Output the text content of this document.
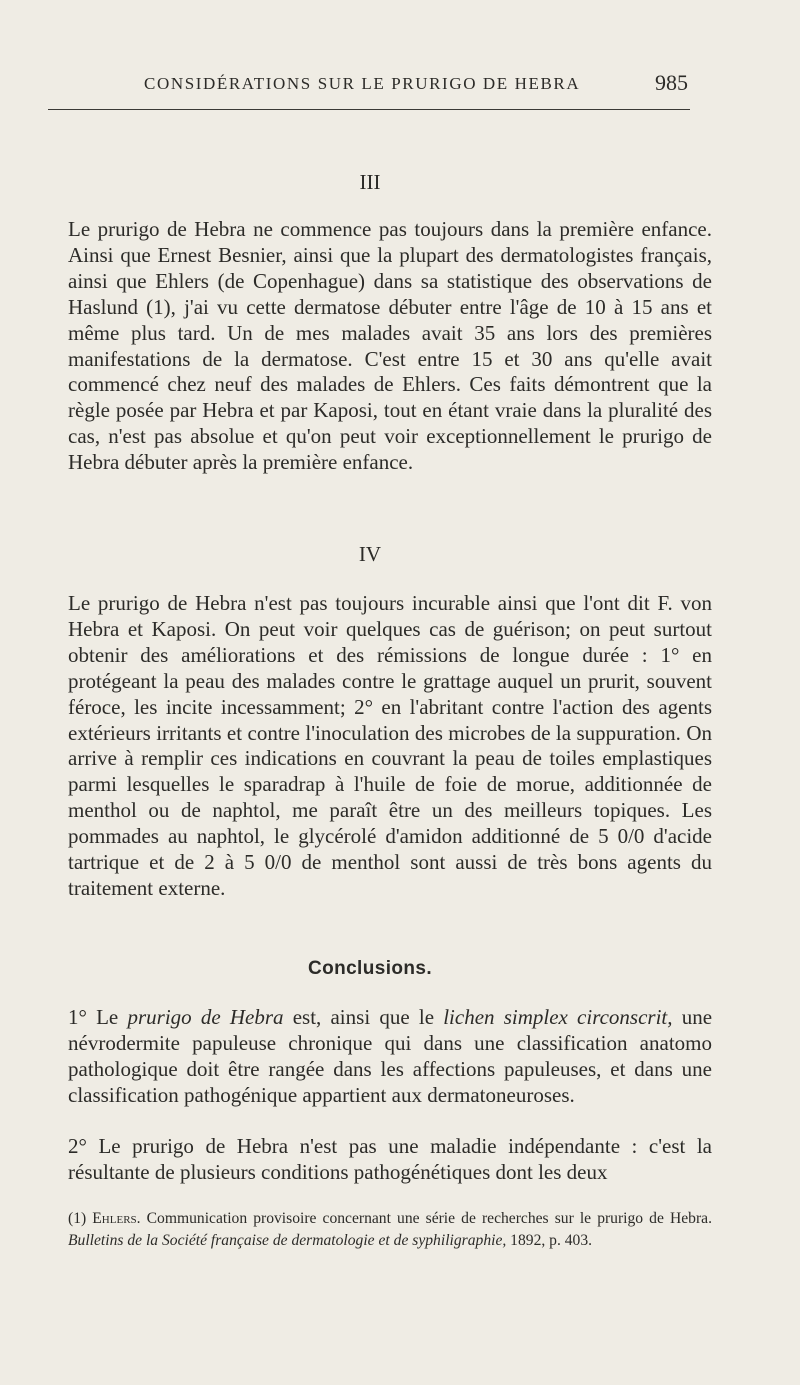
CONSIDÉRATIONS SUR LE PRURIGO DE HEBRA	985
III

Le prurigo de Hebra ne commence pas toujours dans la première enfance. Ainsi que Ernest Besnier, ainsi que la plupart des dermatologistes français, ainsi que Ehlers (de Copenhague) dans sa statistique des observations de Haslund (1), j'ai vu cette dermatose débuter entre l'âge de 10 à 15 ans et même plus tard. Un de mes malades avait 35 ans lors des premières manifestations de la dermatose. C'est entre 15 et 30 ans qu'elle avait commencé chez neuf des malades de Ehlers. Ces faits démontrent que la règle posée par Hebra et par Kaposi, tout en étant vraie dans la pluralité des cas, n'est pas absolue et qu'on peut voir exceptionnellement le prurigo de Hebra débuter après la première enfance.

IV

Le prurigo de Hebra n'est pas toujours incurable ainsi que l'ont dit F. von Hebra et Kaposi. On peut voir quelques cas de guérison; on peut surtout obtenir des améliorations et des rémissions de longue durée : 1° en protégeant la peau des malades contre le grattage auquel un prurit, souvent féroce, les incite incessamment; 2° en l'abritant contre l'action des agents extérieurs irritants et contre l'inoculation des microbes de la suppuration. On arrive à remplir ces indications en couvrant la peau de toiles emplastiques parmi lesquelles le sparadrap à l'huile de foie de morue, additionnée de menthol ou de naphtol, me paraît être un des meilleurs topiques. Les pommades au naphtol, le glycérolé d'amidon additionné de 5 0/0 d'acide tartrique et de 2 à 5 0/0 de menthol sont aussi de très bons agents du traitement externe.

Conclusions.

1° Le prurigo de Hebra est, ainsi que le lichen simplex circonscrit, une névrodermite papuleuse chronique qui dans une classification anatomo pathologique doit être rangée dans les affections papuleuses, et dans une classification pathogénique appartient aux dermatoneuroses.

2° Le prurigo de Hebra n'est pas une maladie indépendante : c'est la résultante de plusieurs conditions pathogénétiques dont les deux

(1) Ehlers. Communication provisoire concernant une série de recherches sur le prurigo de Hebra. Bulletins de la Société française de dermatologie et de syphiligraphie, 1892, p. 403.
